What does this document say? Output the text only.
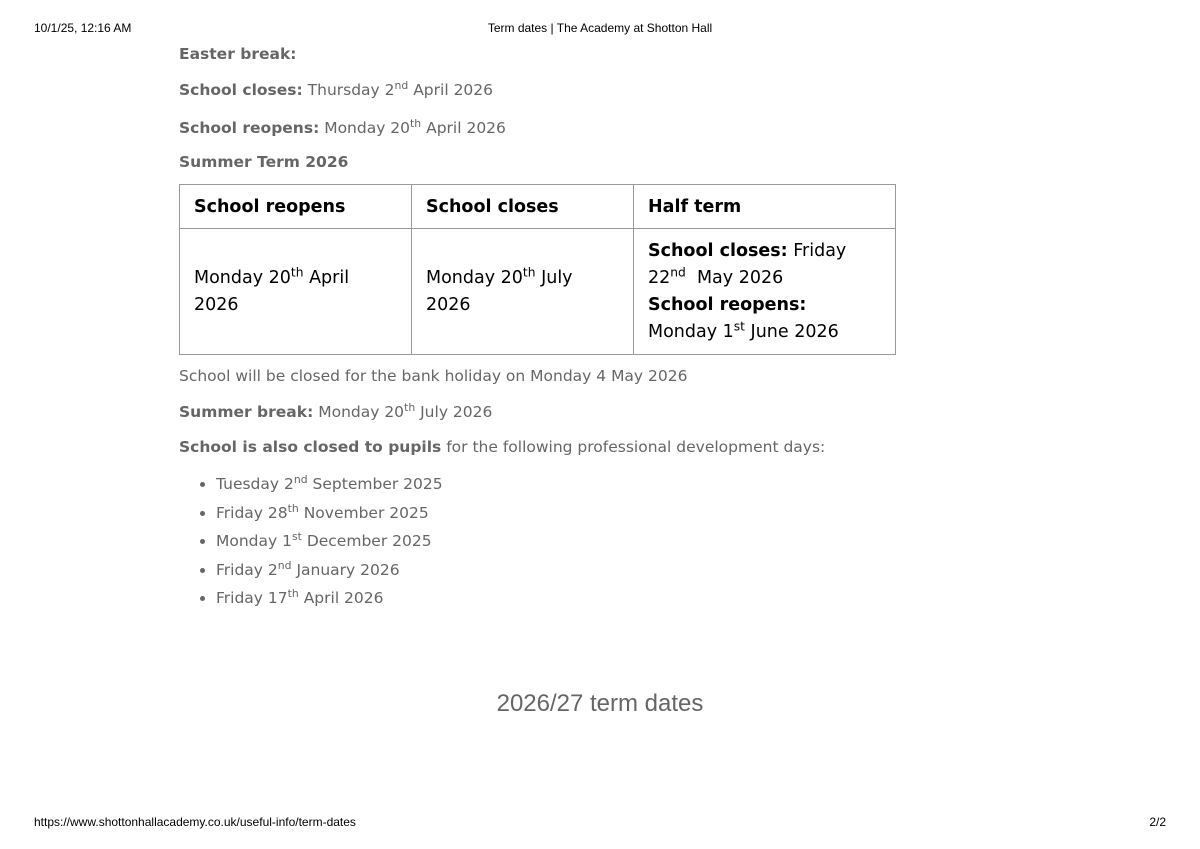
10/1/25, 12:16 AM	Term dates | The Academy at Shotton Hall

Easter break:

School closes: Thursday 2nd April 2026

School reopens: Monday 20th April 2026

Summer Term 2026

School reopens	School closes	Half term
Monday 20th April 2026	Monday 20th July 2026	School closes: Friday 22nd  May 2026
School reopens: Monday 1st June 2026

School will be closed for the bank holiday on Monday 4 May 2026

Summer break: Monday 20th July 2026

School is also closed to pupils for the following professional development days:

• Tuesday 2nd September 2025
• Friday 28th November 2025
• Monday 1st December 2025
• Friday 2nd January 2026
• Friday 17th April 2026
2026/27 term dates
https://www.shottonhallacademy.co.uk/useful-info/term-dates	2/2
